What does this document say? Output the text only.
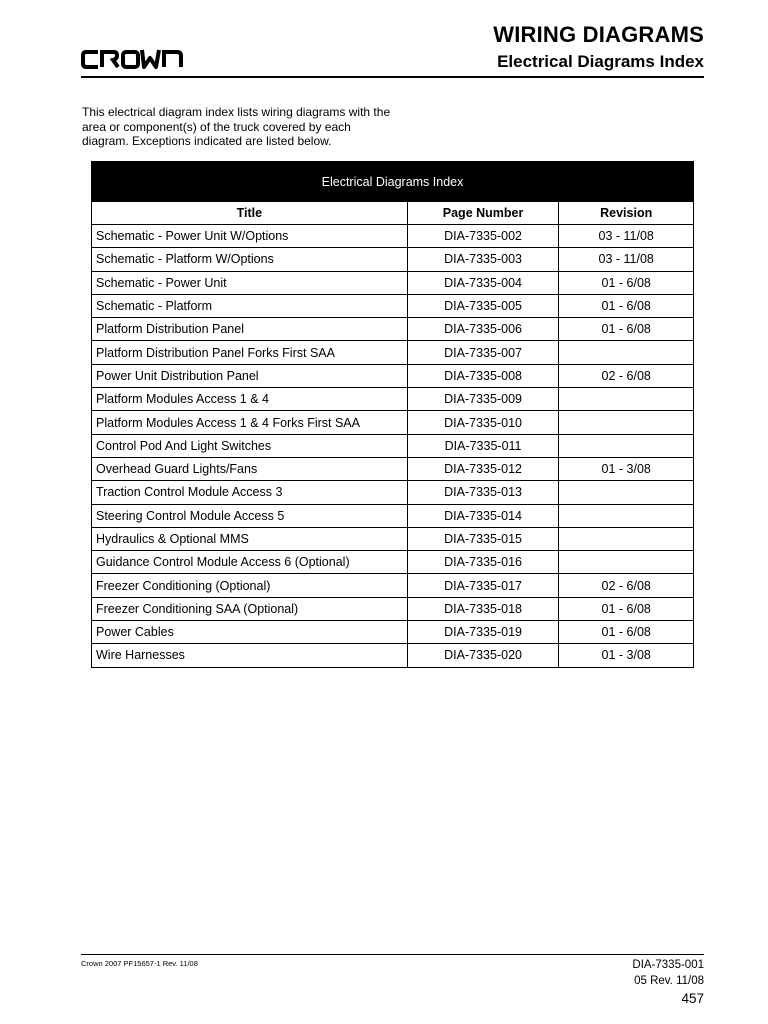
WIRING DIAGRAMS
Electrical Diagrams Index
This electrical diagram index lists wiring diagrams with the area or component(s) of the truck covered by each diagram. Exceptions indicated are listed below.
Electrical Diagrams Index		
Title	Page Number	Revision
Schematic - Power Unit W/Options	DIA-7335-002	03 - 11/08
Schematic - Platform W/Options	DIA-7335-003	03 - 11/08
Schematic - Power Unit	DIA-7335-004	01 - 6/08
Schematic - Platform	DIA-7335-005	01 - 6/08
Platform Distribution Panel	DIA-7335-006	01 - 6/08
Platform Distribution Panel Forks First SAA	DIA-7335-007	
Power Unit Distribution Panel	DIA-7335-008	02 - 6/08
Platform Modules Access 1 & 4	DIA-7335-009	
Platform Modules Access 1 & 4 Forks First SAA	DIA-7335-010	
Control Pod And Light Switches	DIA-7335-011	
Overhead Guard Lights/Fans	DIA-7335-012	01 - 3/08
Traction Control Module Access 3	DIA-7335-013	
Steering Control Module Access 5	DIA-7335-014	
Hydraulics & Optional MMS	DIA-7335-015	
Guidance Control Module Access 6 (Optional)	DIA-7335-016	
Freezer Conditioning (Optional)	DIA-7335-017	02 - 6/08
Freezer Conditioning SAA (Optional)	DIA-7335-018	01 - 6/08
Power Cables	DIA-7335-019	01 - 6/08
Wire Harnesses	DIA-7335-020	01 - 3/08
Crown 2007 PF15657-1 Rev. 11/08	DIA-7335-001
05 Rev. 11/08
457
